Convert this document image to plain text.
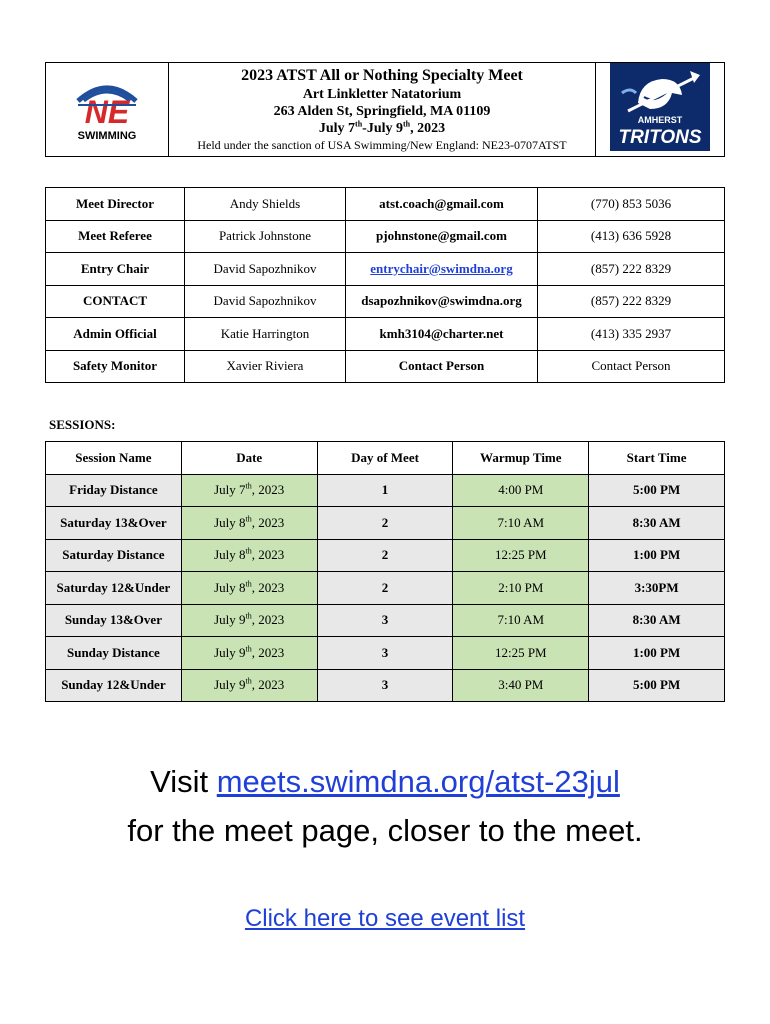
NE
SWIMMING

2023 ATST All or Nothing Specialty Meet
Art Linkletter Natatorium
263 Alden St, Springfield, MA 01109
July 7th-July 9th, 2023
Held under the sanction of USA Swimming/New England: NE23-0707ATST

AMHERST
TRITONS
Meet Director	Andy Shields	atst.coach@gmail.com	(770) 853 5036
Meet Referee	Patrick Johnstone	pjohnstone@gmail.com	(413) 636 5928
Entry Chair	David Sapozhnikov	entrychair@swimdna.org	(857) 222 8329
CONTACT	David Sapozhnikov	dsapozhnikov@swimdna.org	(857) 222 8329
Admin Official	Katie Harrington	kmh3104@charter.net	(413) 335 2937
Safety Monitor	Xavier Riviera	Contact Person	Contact Person
SESSIONS:
Session Name	Date	Day of Meet	Warmup Time	Start Time
Friday Distance	July 7th, 2023	1	4:00 PM	5:00 PM
Saturday 13&Over	July 8th, 2023	2	7:10 AM	8:30 AM
Saturday Distance	July 8th, 2023	2	12:25 PM	1:00 PM
Saturday 12&Under	July 8th, 2023	2	2:10 PM	3:30PM
Sunday 13&Over	July 9th, 2023	3	7:10 AM	8:30 AM
Sunday Distance	July 9th, 2023	3	12:25 PM	1:00 PM
Sunday 12&Under	July 9th, 2023	3	3:40 PM	5:00 PM
Visit meets.swimdna.org/atst-23jul
for the meet page, closer to the meet.
Click here to see event list
